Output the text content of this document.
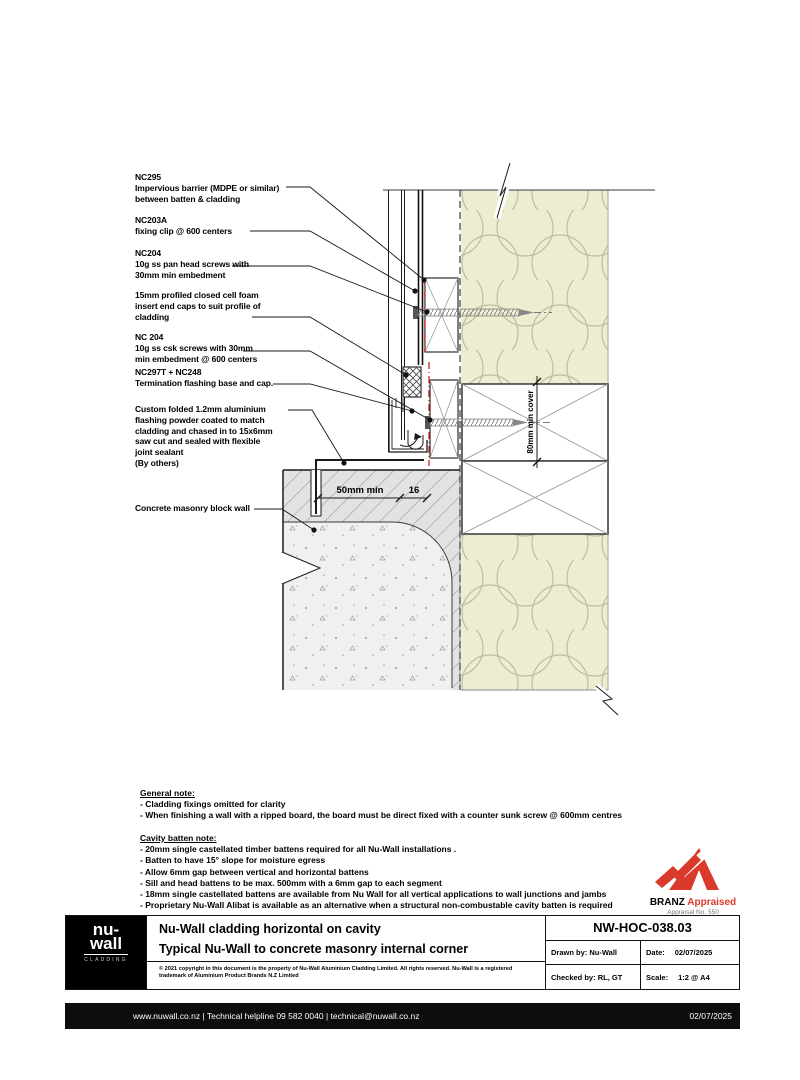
50mm min	16
80mm min cover
NC295
Impervious barrier (MDPE or similar)
between batten & cladding
NC203A
fixing clip @ 600 centers
NC204
10g ss pan head screws with
30mm min embedment
15mm profiled closed cell foam
insert end caps to suit profile of
cladding
NC 204
10g ss csk screws with 30mm
min embedment @ 600 centers
NC297T + NC248
Termination flashing base and cap.
Custom folded 1.2mm aluminium
flashing powder coated to match
cladding and chased in to 15x6mm
saw cut and sealed with flexible
joint sealant
(By others)
Concrete masonry block wall
General note:
- Cladding fixings omitted for clarity
- When finishing a wall with a ripped board, the board must be direct fixed with a counter sunk screw @ 600mm centres
Cavity batten note:
- 20mm single castellated timber battens required for all Nu-Wall installations .
- Batten to have 15° slope for moisture egress
- Allow 6mm gap between vertical and horizontal battens
- Sill and head battens to be max. 500mm with a 6mm gap to each segment
- 18mm single castellated battens are available from Nu Wall for all vertical applications to wall junctions and jambs
- Proprietary Nu-Wall Alibat is available as an alternative when a structural non-combustable cavity batten is required	BRANZ Appraised
Appraisal No. 550
nu-
wall
CLADDING
Nu-Wall cladding horizontal on cavity
Typical Nu-Wall to concrete masonry internal corner
© 2021 copyright in this document is the property of Nu-Wall Aluminium Cladding Limited. All rights reserved. Nu-Wall is a registered trademark of Aluminium Product Brands N.Z Limited
NW-HOC-038.03
Drawn by:
Nu-Wall	Date: 02/07/2025
Checked by:
RL, GT	Scale: 1:2 @ A4
www.nuwall.co.nz | Technical helpline 09 582 0040 | technical@nuwall.co.nz	02/07/2025
